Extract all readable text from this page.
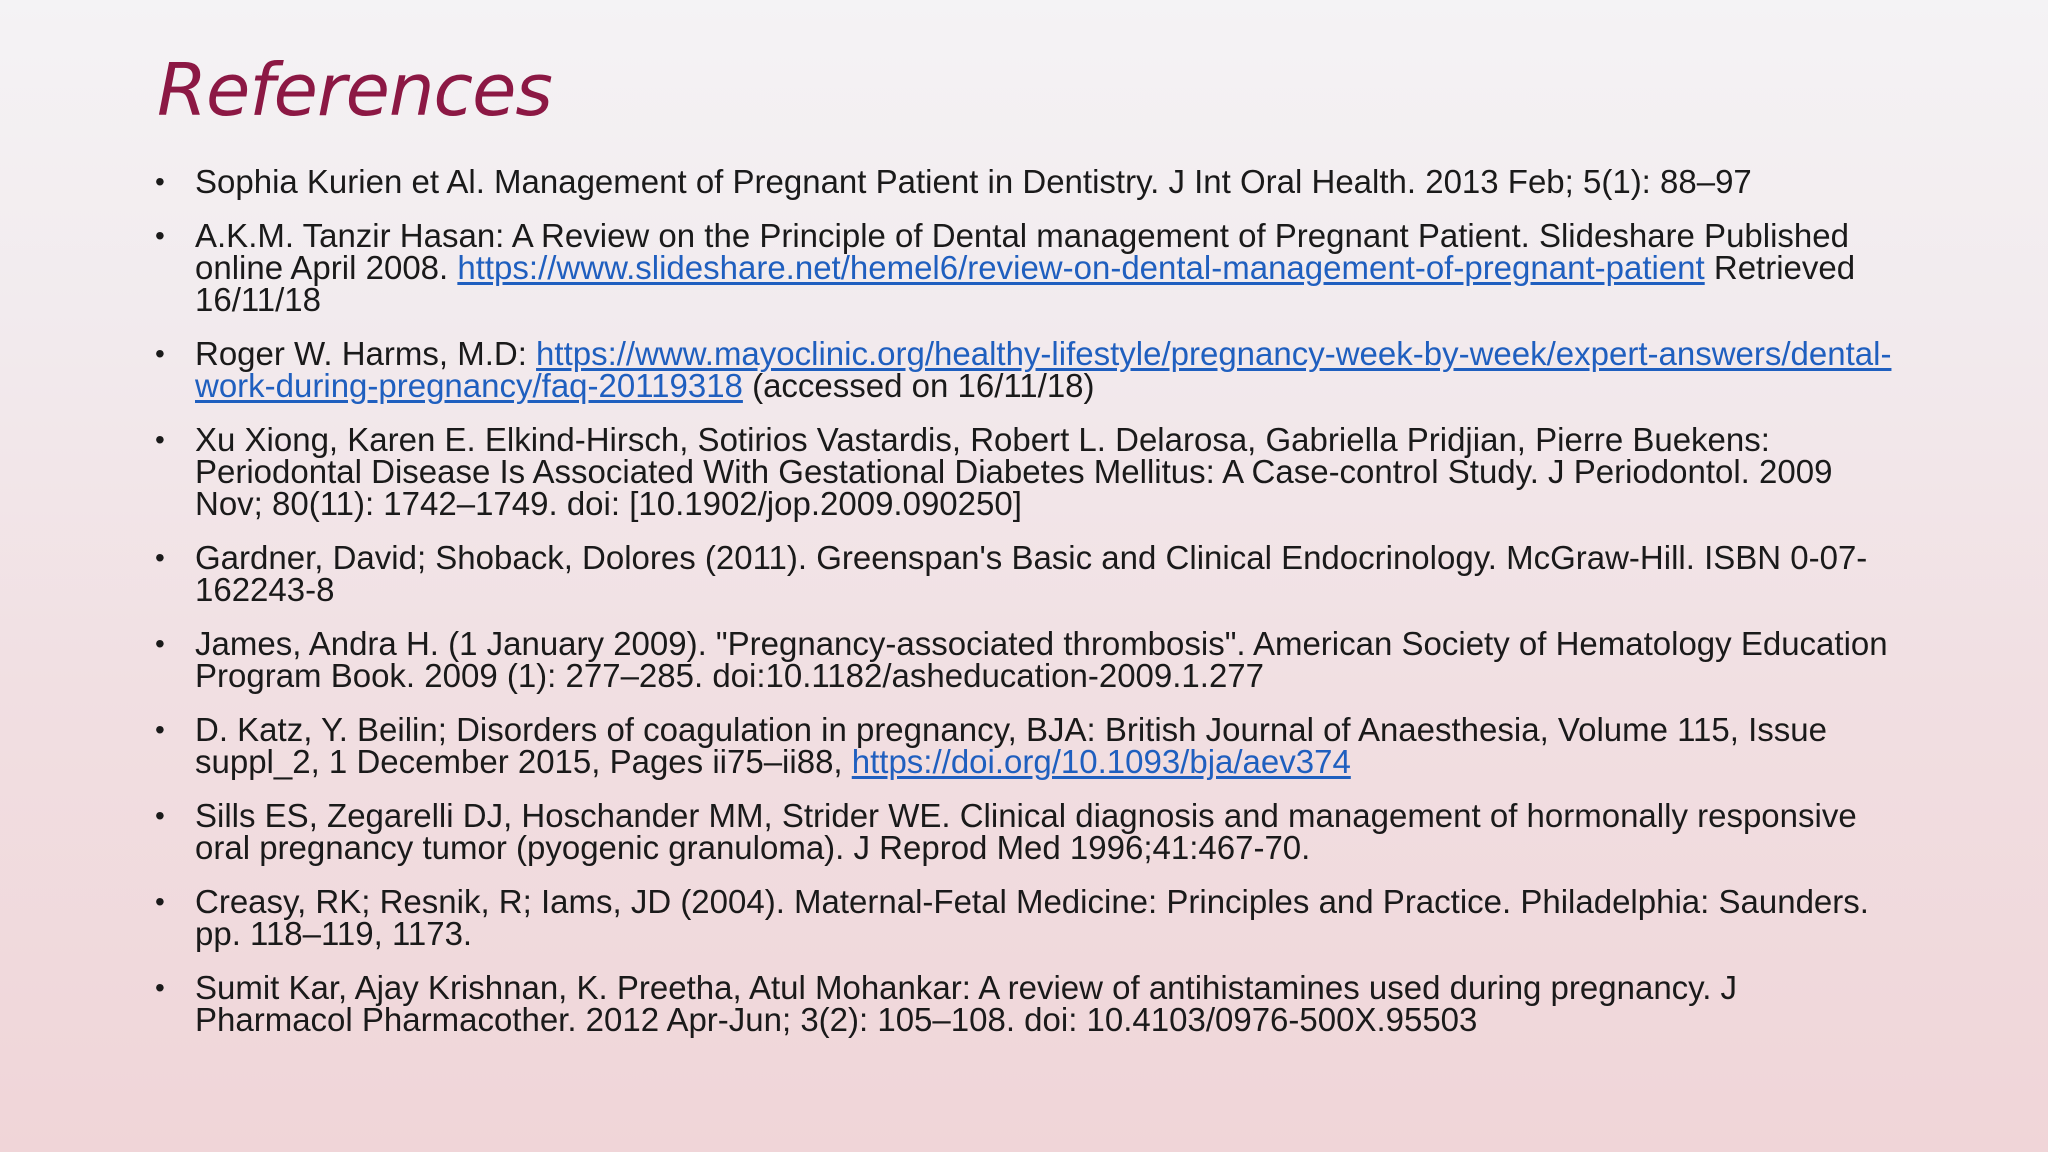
References
• Sophia Kurien et Al. Management of Pregnant Patient in Dentistry. J Int Oral Health. 2013 Feb; 5(1): 88–97
• A.K.M. Tanzir Hasan: A Review on the Principle of Dental management of Pregnant Patient. Slideshare Published online April 2008. https://www.slideshare.net/hemel6/review-on-dental-management-of-pregnant-patient Retrieved 16/11/18
• Roger W. Harms, M.D: https://www.mayoclinic.org/healthy-lifestyle/pregnancy-week-by-week/expert-answers/dental-work-during-pregnancy/faq-20119318 (accessed on 16/11/18)
• Xu Xiong, Karen E. Elkind-Hirsch, Sotirios Vastardis, Robert L. Delarosa, Gabriella Pridjian, Pierre Buekens: Periodontal Disease Is Associated With Gestational Diabetes Mellitus: A Case-control Study. J Periodontol. 2009 Nov; 80(11): 1742–1749. doi: [10.1902/jop.2009.090250]
• Gardner, David; Shoback, Dolores (2011). Greenspan's Basic and Clinical Endocrinology. McGraw-Hill. ISBN 0-07-162243-8
• James, Andra H. (1 January 2009). "Pregnancy-associated thrombosis". American Society of Hematology Education Program Book. 2009 (1): 277–285. doi:10.1182/asheducation-2009.1.277
• D. Katz, Y. Beilin; Disorders of coagulation in pregnancy, BJA: British Journal of Anaesthesia, Volume 115, Issue suppl_2, 1 December 2015, Pages ii75–ii88, https://doi.org/10.1093/bja/aev374
• Sills ES, Zegarelli DJ, Hoschander MM, Strider WE. Clinical diagnosis and management of hormonally responsive oral pregnancy tumor (pyogenic granuloma). J Reprod Med 1996;41:467-70.
• Creasy, RK; Resnik, R; Iams, JD (2004). Maternal-Fetal Medicine: Principles and Practice. Philadelphia: Saunders. pp. 118–119, 1173.
• Sumit Kar, Ajay Krishnan, K. Preetha, Atul Mohankar: A review of antihistamines used during pregnancy. J Pharmacol Pharmacother. 2012 Apr-Jun; 3(2): 105–108. doi: 10.4103/0976-500X.95503
